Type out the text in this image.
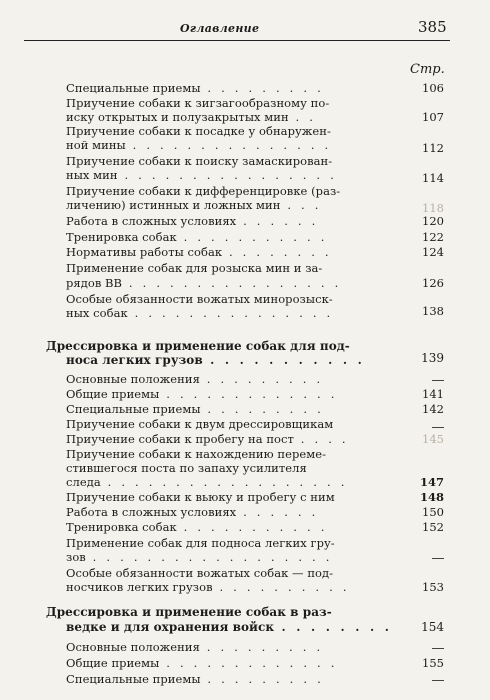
Оглавление	385
Стр.
Специальные приемы . . . . . . . . .	106
Приучение собаки к зигзагообразному по-
иску открытых и полузакрытых мин . .	107
Приучение собаки к посадке у обнаружен-
ной мины . . . . . . . . . . . . . . .	112
Приучение собаки к поиску замаскирован-
ных мин . . . . . . . . . . . . . . . .	114
Приучение собаки к дифференцировке (раз-
личению) истинных и ложных мин . . .	118
Работа в сложных условиях . . . . . .	120
Тренировка собак . . . . . . . . . . .	122
Нормативы работы собак . . . . . . . .	124
Применение собак для розыска мин и за-
рядов ВВ . . . . . . . . . . . . . . . .	126
Особые обязанности вожатых минорозыск-
ных собак . . . . . . . . . . . . . . .	138
Дрессировка и применение собак для под-
носа легких грузов . . . . . . . . . . .	139
Основные положения . . . . . . . . .
Общие приемы . . . . . . . . . . . . .	141
Специальные приемы . . . . . . . . .	142
Приучение собаки к двум дрессировщикам
Приучение собаки к пробегу на пост . . . .	145
Приучение собаки к нахождению переме-
стившегося поста по запаху усилителя
следа . . . . . . . . . . . . . . . . . .	147
Приучение собаки к вьюку и пробегу с ним	148
Работа в сложных условиях . . . . . .	150
Тренировка собак . . . . . . . . . . .	152
Применение собак для подноса легких гру-
зов . . . . . . . . . . . . . . . . . .
Особые обязанности вожатых собак — под-
носчиков легких грузов . . . . . . . . . .	153
Дрессировка и применение собак в раз-
ведке и для охранения войск . . . . . . . .	154
Основные положения . . . . . . . . .
Общие приемы . . . . . . . . . . . . .	155
Специальные приемы . . . . . . . . .
